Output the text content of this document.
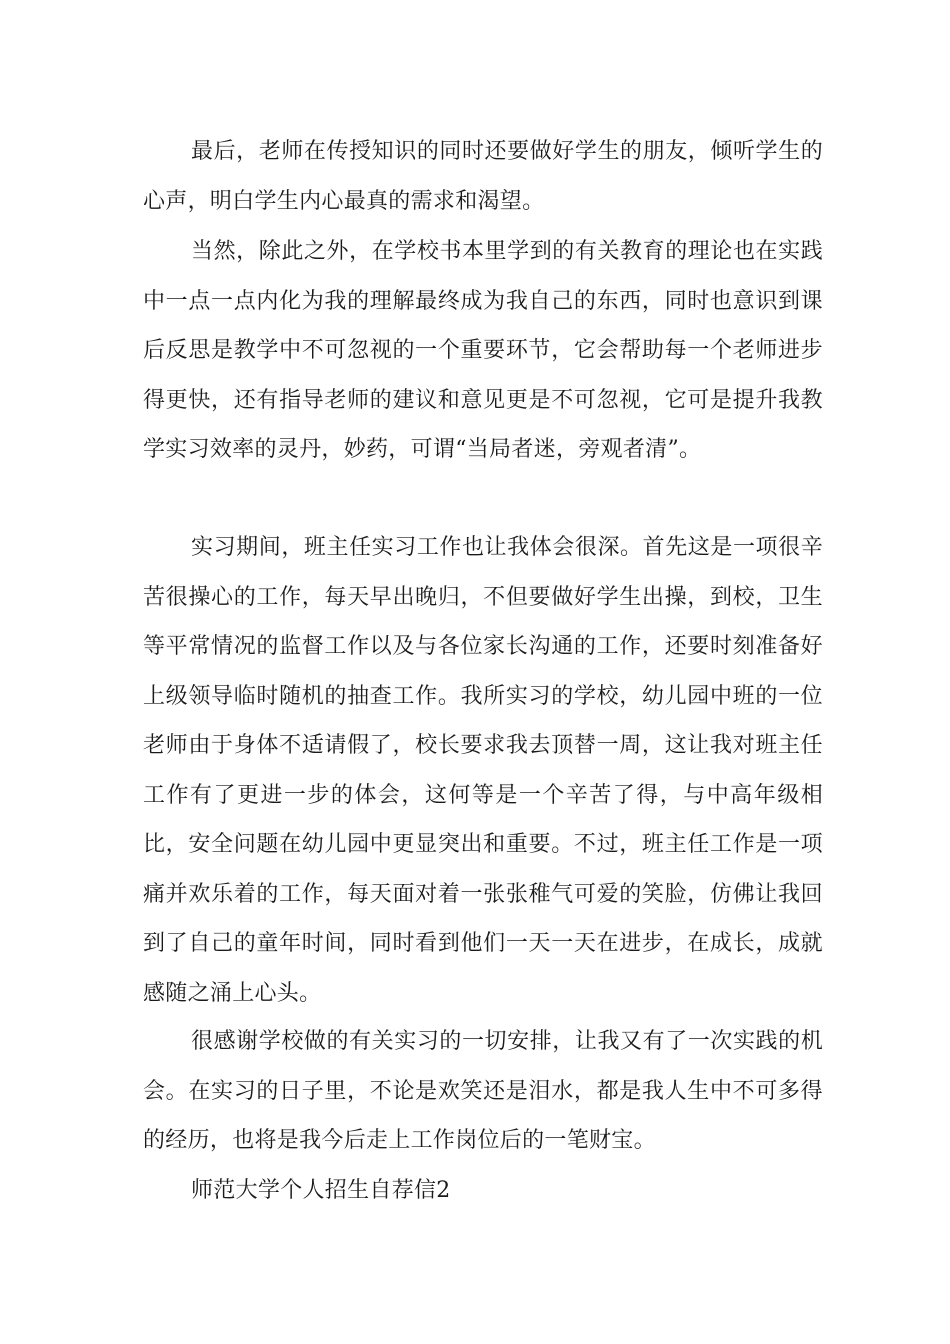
最后，老师在传授知识的同时还要做好学生的朋友，倾听学生的心声，明白学生内心最真的需求和渴望。

当然，除此之外，在学校书本里学到的有关教育的理论也在实践中一点一点内化为我的理解最终成为我自己的东西，同时也意识到课后反思是教学中不可忽视的一个重要环节，它会帮助每一个老师进步得更快，还有指导老师的建议和意见更是不可忽视，它可是提升我教学实习效率的灵丹，妙药，可谓“当局者迷，旁观者清”。

实习期间，班主任实习工作也让我体会很深。首先这是一项很辛苦很操心的工作，每天早出晚归，不但要做好学生出操，到校，卫生等平常情况的监督工作以及与各位家长沟通的工作，还要时刻准备好上级领导临时随机的抽查工作。我所实习的学校，幼儿园中班的一位老师由于身体不适请假了，校长要求我去顶替一周，这让我对班主任工作有了更进一步的体会，这何等是一个辛苦了得，与中高年级相比，安全问题在幼儿园中更显突出和重要。不过，班主任工作是一项痛并欢乐着的工作，每天面对着一张张稚气可爱的笑脸，仿佛让我回到了自己的童年时间，同时看到他们一天一天在进步，在成长，成就感随之涌上心头。

很感谢学校做的有关实习的一切安排，让我又有了一次实践的机会。在实习的日子里，不论是欢笑还是泪水，都是我人生中不可多得的经历，也将是我今后走上工作岗位后的一笔财宝。

师范大学个人招生自荐信2
